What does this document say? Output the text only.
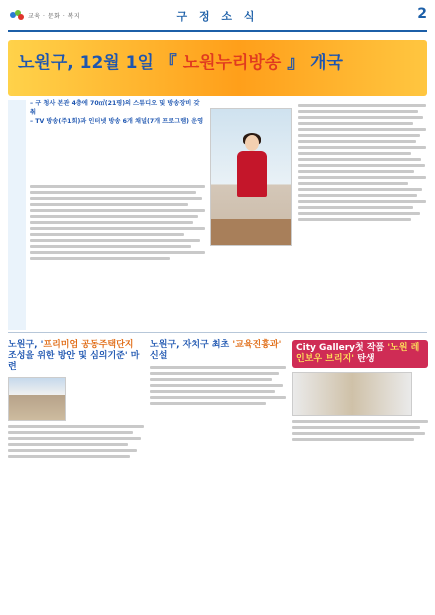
교육 · 문화 · 복지	구 정 소 식	2
노원구, 12월 1일 『 노원누리방송 』 개국
– 구 청사 본관 4층에 70㎡(21평)의 스튜디오 및 방송장비 갖춰
– TV 방송(주1회)과 인터넷 방송 6개 채널(7개 프로그램) 운영
노원구, '프리미엄 공동주택단지 조성을 위한 방안 및 심의기준' 마련
노원구, 자치구 최초 '교육진흥과' 신설
City Gallery첫 작품 '노원 레인보우 브리지' 탄생
